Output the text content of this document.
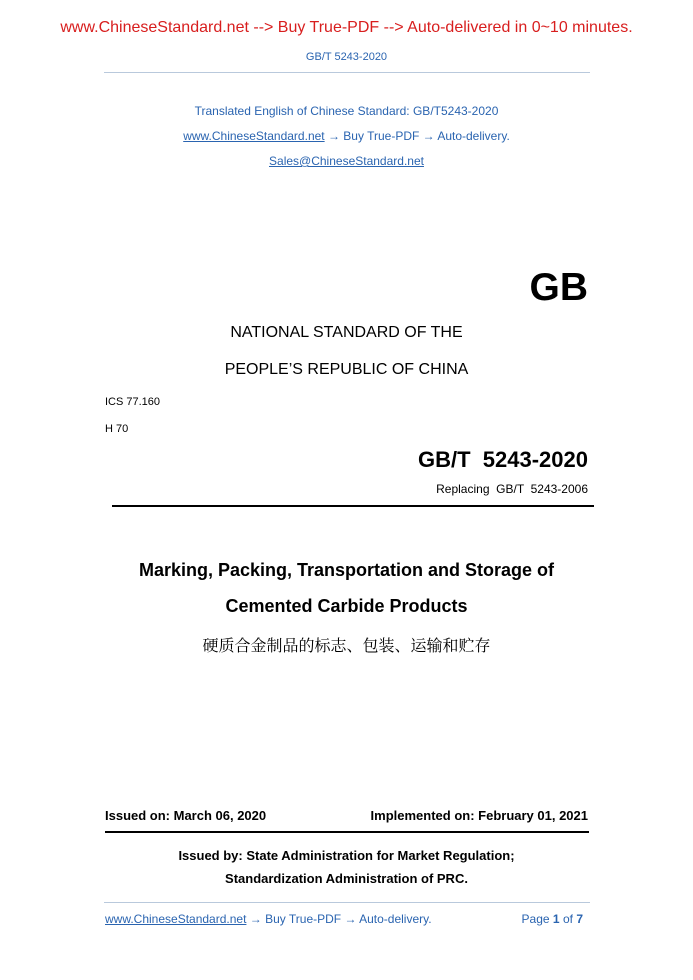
www.ChineseStandard.net --> Buy True-PDF --> Auto-delivered in 0~10 minutes.
GB/T 5243-2020
Translated English of Chinese Standard: GB/T5243-2020
www.ChineseStandard.net → Buy True-PDF → Auto-delivery.
Sales@ChineseStandard.net
GB
NATIONAL STANDARD OF THE
PEOPLE’S REPUBLIC OF CHINA
ICS 77.160
H 70
GB/T  5243-2020
Replacing  GB/T  5243-2006
Marking, Packing, Transportation and Storage of
Cemented Carbide Products
硬质合金制品的标志、包装、运输和贮存
Issued on: March 06, 2020	Implemented on: February 01, 2021
Issued by: State Administration for Market Regulation;
Standardization Administration of PRC.
www.ChineseStandard.net → Buy True-PDF → Auto-delivery.	Page 1 of 7
